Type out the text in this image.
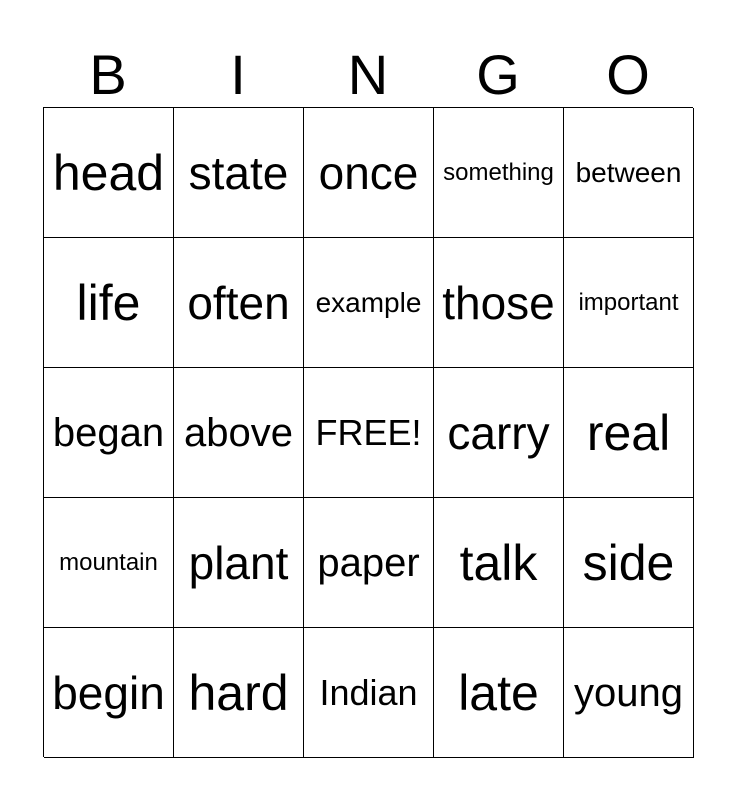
B	I	N	G	O
head state once something between
life often example those important
began above FREE! carry real
mountain plant paper talk side
begin hard Indian late young
